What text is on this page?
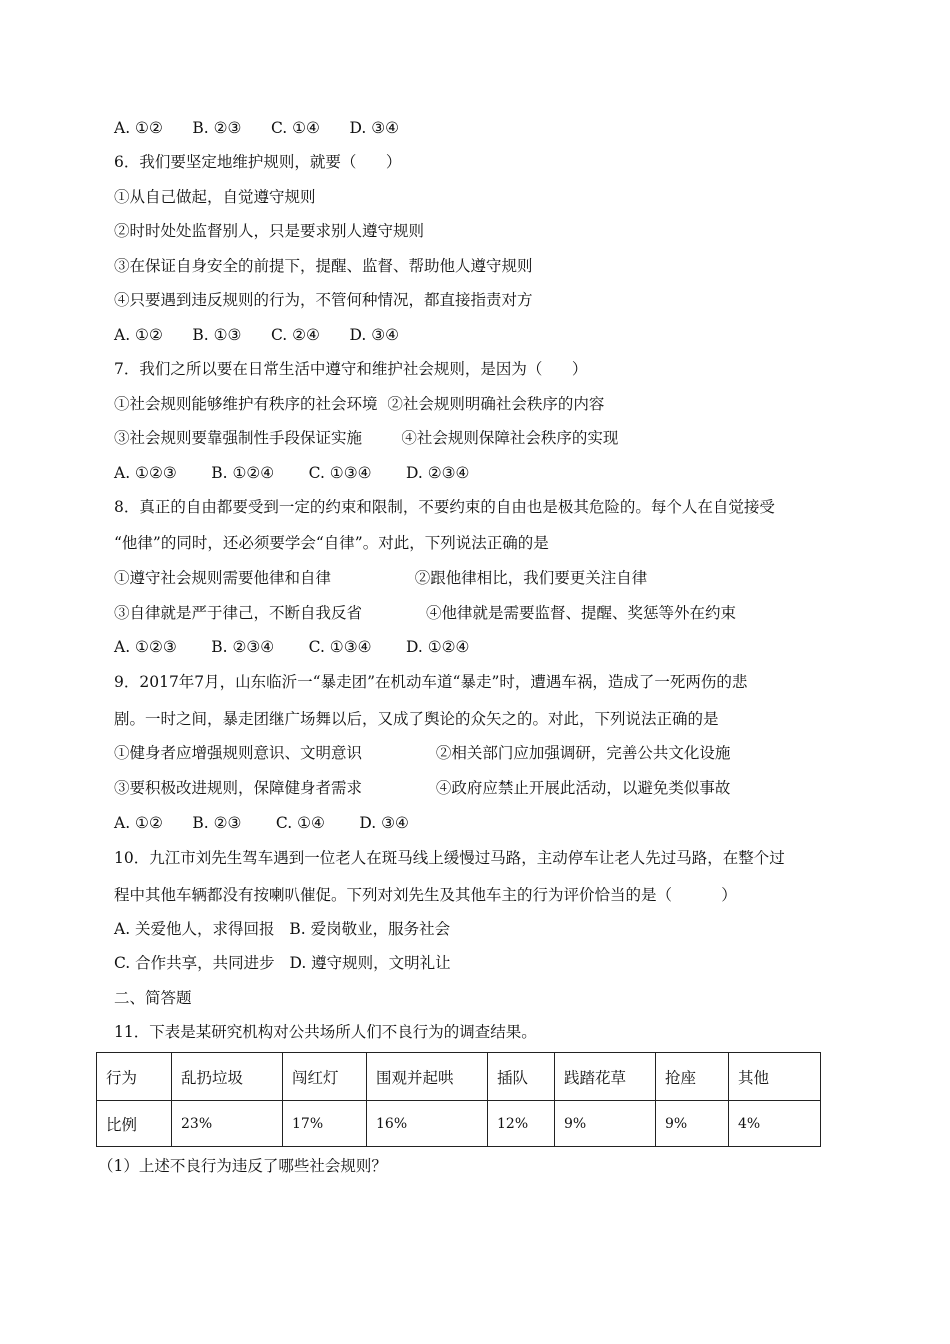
A. ①②      B. ②③      C. ①④      D. ③④
6．我们要坚定地维护规则，就要（      ）
①从自己做起，自觉遵守规则
②时时处处监督别人，只是要求别人遵守规则
③在保证自身安全的前提下，提醒、监督、帮助他人遵守规则
④只要遇到违反规则的行为，不管何种情况，都直接指责对方
A. ①②      B. ①③      C. ②④      D. ③④
7．我们之所以要在日常生活中遵守和维护社会规则，是因为（      ）
①社会规则能够维护有秩序的社会环境  ②社会规则明确社会秩序的内容
③社会规则要靠强制性手段保证实施        ④社会规则保障社会秩序的实现
A. ①②③       B. ①②④       C. ①③④       D. ②③④
8．真正的自由都要受到一定的约束和限制，不要约束的自由也是极其危险的。每个人在自觉接受
“他律”的同时，还必须要学会“自律”。对此，下列说法正确的是
①遵守社会规则需要他律和自律                 ②跟他律相比，我们要更关注自律
③自律就是严于律己，不断自我反省             ④他律就是需要监督、提醒、奖惩等外在约束
A. ①②③       B. ②③④       C. ①③④       D. ①②④
9．2017年7月，山东临沂一“暴走团”在机动车道“暴走”时，遭遇车祸，造成了一死两伤的悲
剧。一时之间，暴走团继广场舞以后，又成了舆论的众矢之的。对此，下列说法正确的是
①健身者应增强规则意识、文明意识               ②相关部门应加强调研，完善公共文化设施
③要积极改进规则，保障健身者需求               ④政府应禁止开展此活动，以避免类似事故
A. ①②      B. ②③       C. ①④       D. ③④
10．九江市刘先生驾车遇到一位老人在斑马线上缓慢过马路，主动停车让老人先过马路，在整个过
程中其他车辆都没有按喇叭催促。下列对刘先生及其他车主的行为评价恰当的是（          ）
A. 关爱他人，求得回报   B. 爱岗敬业，服务社会
C. 合作共享，共同进步   D. 遵守规则，文明礼让
二、简答题
11．下表是某研究机构对公共场所人们不良行为的调查结果。
行为	乱扔垃圾	闯红灯	围观并起哄	插队	践踏花草	抢座	其他
比例	23%	17%	16%	12%	9%	9%	4%
（1）上述不良行为违反了哪些社会规则？
